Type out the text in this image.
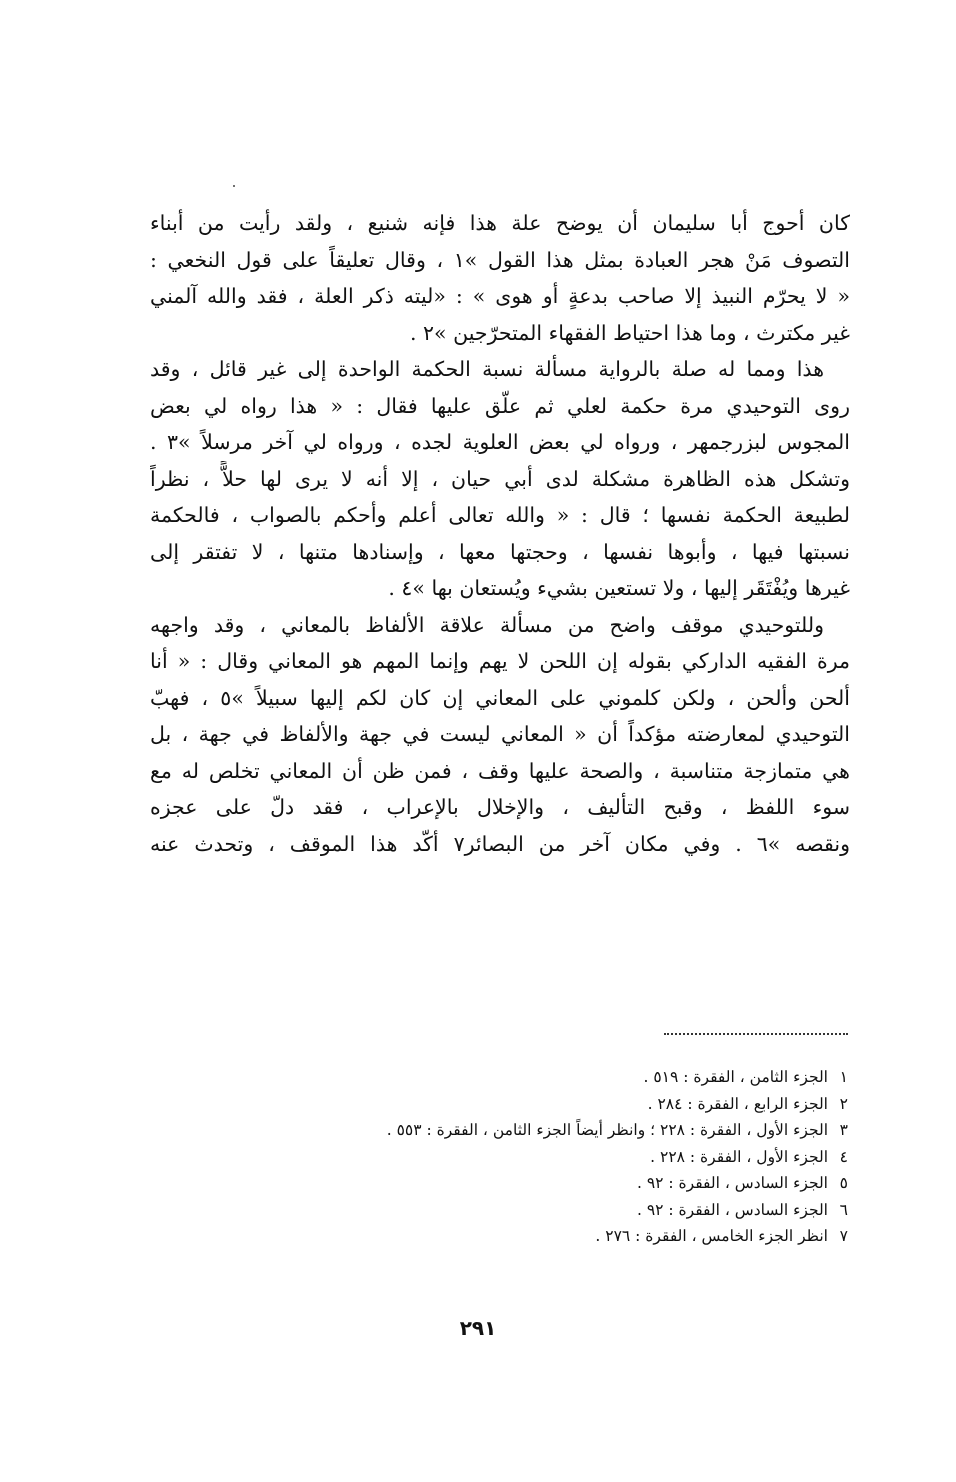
كان أحوج أبا سليمان أن يوضح علة هذا فإنه شنيع ، ولقد رأيت من أبناء
التصوف مَنْ هجر العبادة بمثل هذا القول »١ ، وقال تعليقاً على قول النخعي :
« لا يحرّم النبيذ إلا صاحب بدعةٍ أو هوى » : «ليته ذكر العلة ، فقد والله آلمني
غير مكترث ، وما هذا احتياط الفقهاء المتحرّجين »٢ .
هذا ومما له صلة بالرواية مسألة نسبة الحكمة الواحدة إلى غير قائل ، وقد
روى التوحيدي مرة حكمة لعلي ثم علّق عليها فقال : « هذا رواه لي بعض
المجوس لبزرجمهر ، ورواه لي بعض العلوية لجده ، ورواه لي آخر مرسلاً »٣ .
وتشكل هذه الظاهرة مشكلة لدى أبي حيان ، إلا أنه لا يرى لها حلاًّ ، نظراً
لطبيعة الحكمة نفسها ؛ قال : « والله تعالى أعلم وأحكم بالصواب ، فالحكمة
نسبتها فيها ، وأبوها نفسها ، وحجتها معها ، وإسنادها متنها ، لا تفتقر إلى
غيرها ويُفْتَقَر إليها ، ولا تستعين بشيء ويُستعان بها »٤ .
وللتوحيدي موقف واضح من مسألة علاقة الألفاظ بالمعاني ، وقد واجهه
مرة الفقيه الداركي بقوله إن اللحن لا يهم وإنما المهم هو المعاني وقال : « أنا
ألحن وألحن ، ولكن كلموني على المعاني إن كان لكم إليها سبيلاً »٥ ، فهبّ
التوحيدي لمعارضته مؤكداً أن « المعاني ليست في جهة والألفاظ في جهة ، بل
هي متمازجة متناسبة ، والصحة عليها وقف ، فمن ظن أن المعاني تخلص له مع
سوء اللفظ ، وقبح التأليف ، والإخلال بالإعراب ، فقد دلّ على عجزه
ونقصه »٦ . وفي مكان آخر من البصائر٧ أكّد هذا الموقف ، وتحدث عنه
١الجزء الثامن ، الفقرة : ٥١٩ .
٢الجزء الرابع ، الفقرة : ٢٨٤ .
٣الجزء الأول ، الفقرة : ٢٢٨ ؛ وانظر أيضاً الجزء الثامن ، الفقرة : ٥٥٣ .
٤الجزء الأول ، الفقرة : ٢٢٨ .
٥الجزء السادس ، الفقرة : ٩٢ .
٦الجزء السادس ، الفقرة : ٩٢ .
٧انظر الجزء الخامس ، الفقرة : ٢٧٦ .
٢٩١
